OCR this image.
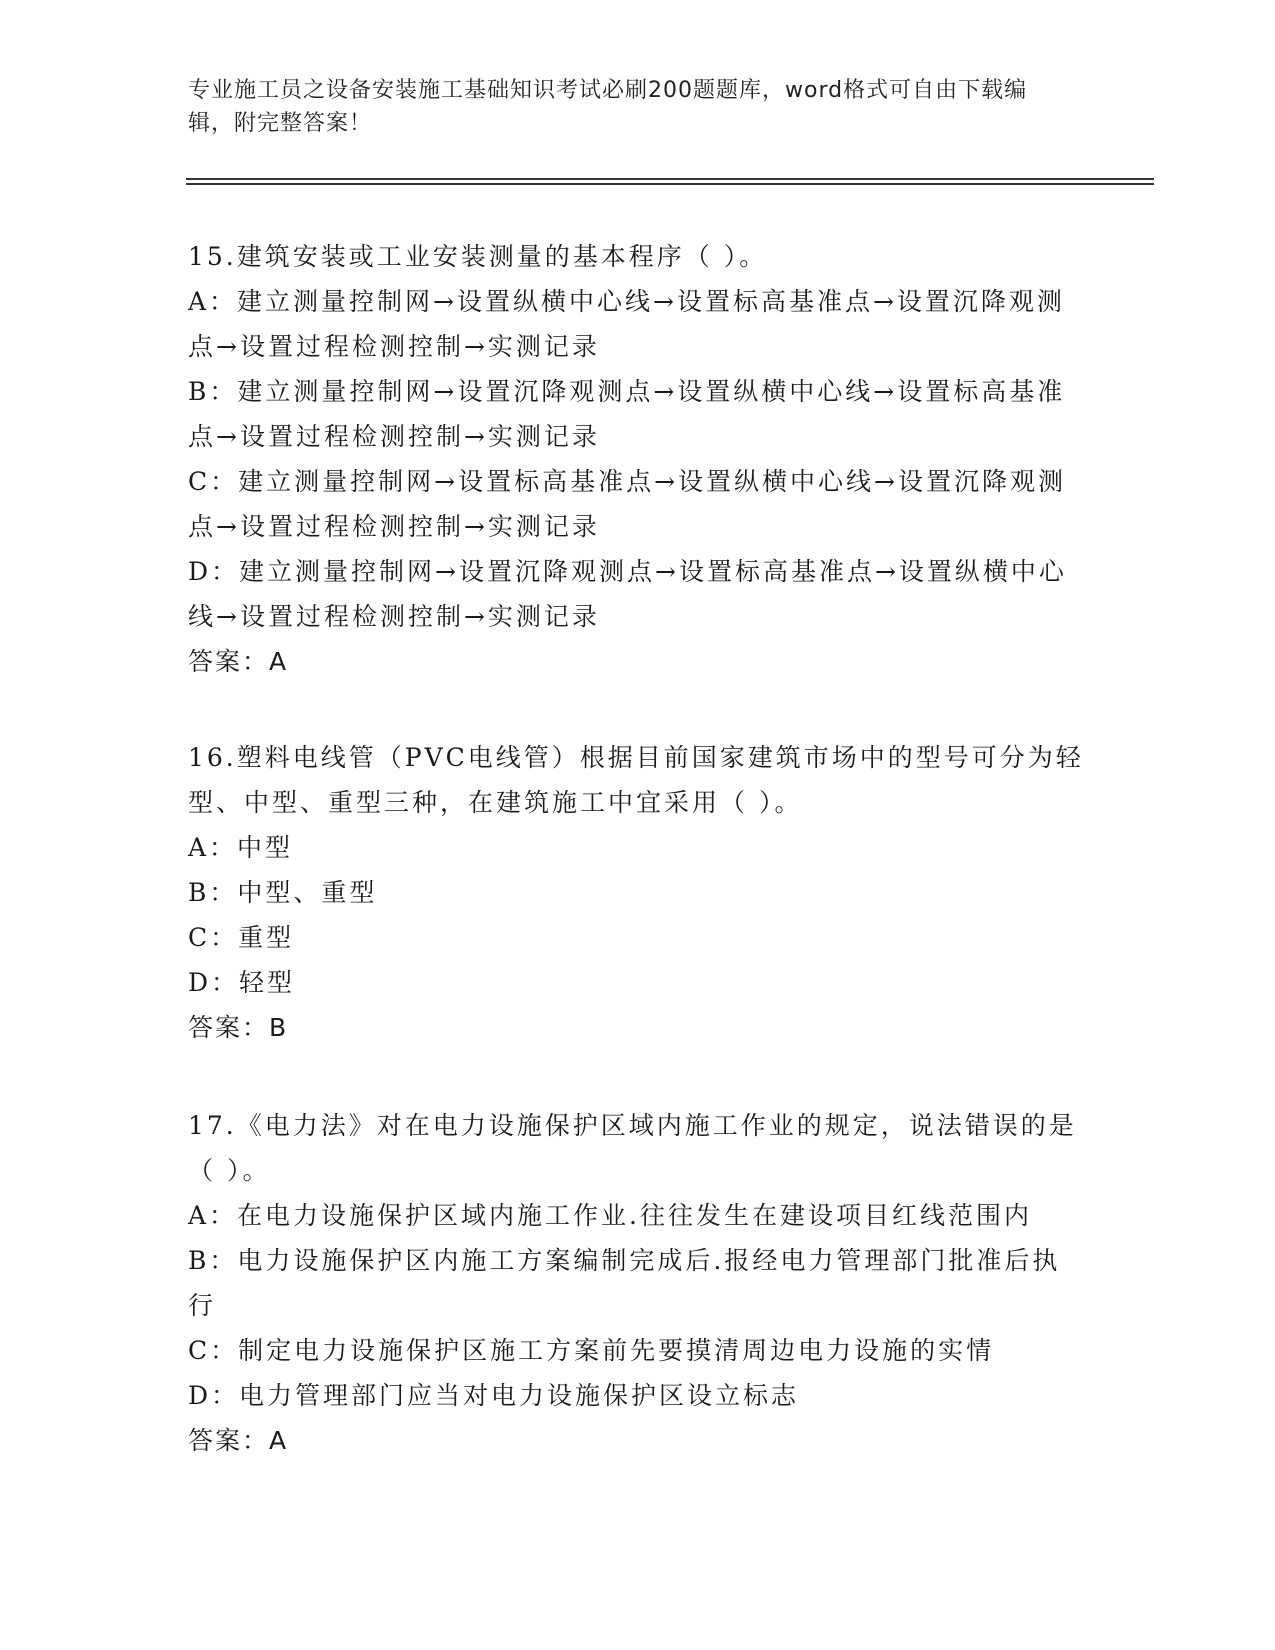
专业施工员之设备安装施工基础知识考试必刷200题题库，word格式可自由下载编辑，附完整答案！
15.建筑安装或工业安装测量的基本程序（ ）。
A：建立测量控制网→设置纵横中心线→设置标高基准点→设置沉降观测点→设置过程检测控制→实测记录
B：建立测量控制网→设置沉降观测点→设置纵横中心线→设置标高基准点→设置过程检测控制→实测记录
C：建立测量控制网→设置标高基准点→设置纵横中心线→设置沉降观测点→设置过程检测控制→实测记录
D：建立测量控制网→设置沉降观测点→设置标高基准点→设置纵横中心线→设置过程检测控制→实测记录
答案：A
16.塑料电线管（PVC电线管）根据目前国家建筑市场中的型号可分为轻型、中型、重型三种，在建筑施工中宜采用（ ）。
A：中型
B：中型、重型
C：重型
D：轻型
答案：B
17.《电力法》对在电力设施保护区域内施工作业的规定，说法错误的是（ ）。
A：在电力设施保护区域内施工作业.往往发生在建设项目红线范围内
B：电力设施保护区内施工方案编制完成后.报经电力管理部门批准后执行
C：制定电力设施保护区施工方案前先要摸清周边电力设施的实情
D：电力管理部门应当对电力设施保护区设立标志
答案：A
